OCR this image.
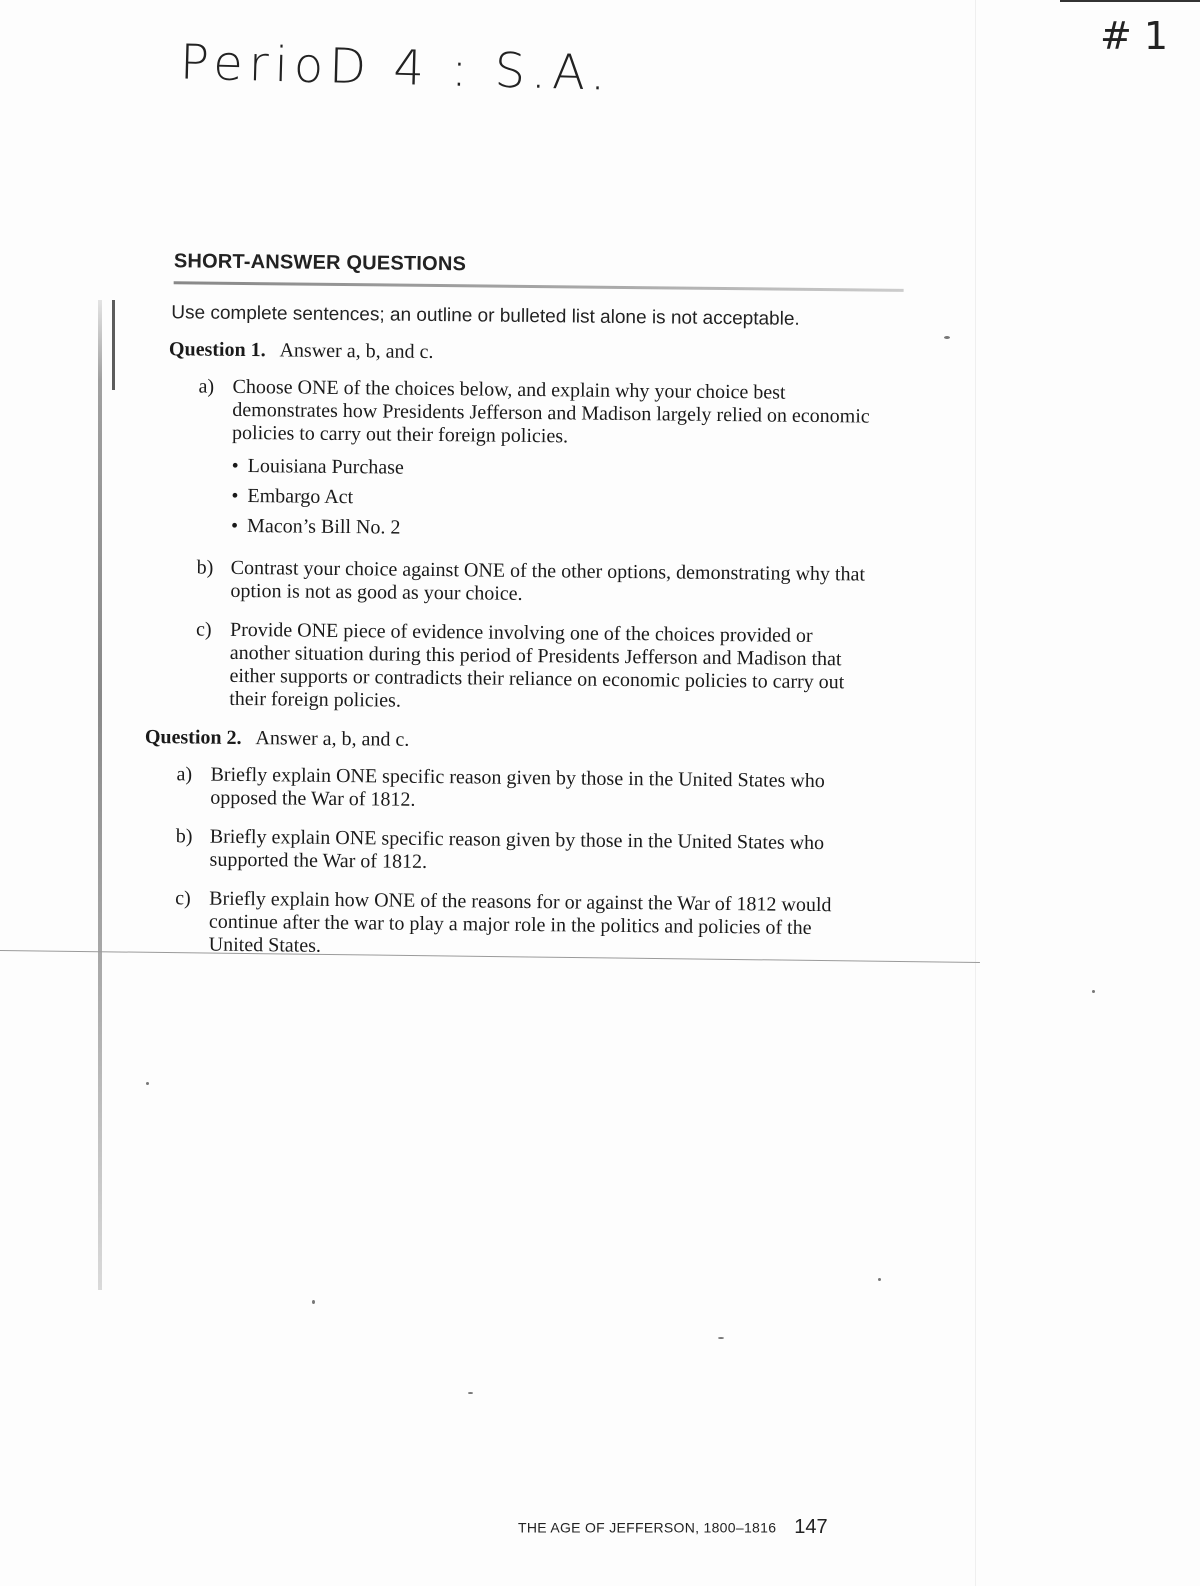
PerioD 4 : S.A.	# 1
SHORT-ANSWER QUESTIONS
Use complete sentences; an outline or bulleted list alone is not acceptable.
Question 1. Answer a, b, and c.
a) Choose ONE of the choices below, and explain why your choice best demonstrates how Presidents Jefferson and Madison largely relied on economic policies to carry out their foreign policies.
• Louisiana Purchase
• Embargo Act
• Macon’s Bill No. 2
b) Contrast your choice against ONE of the other options, demonstrating why that option is not as good as your choice.
c) Provide ONE piece of evidence involving one of the choices provided or another situation during this period of Presidents Jefferson and Madison that either supports or contradicts their reliance on economic policies to carry out their foreign policies.
Question 2. Answer a, b, and c.
a) Briefly explain ONE specific reason given by those in the United States who opposed the War of 1812.
b) Briefly explain ONE specific reason given by those in the United States who supported the War of 1812.
c) Briefly explain how ONE of the reasons for or against the War of 1812 would continue after the war to play a major role in the politics and policies of the United States.
THE AGE OF JEFFERSON, 1800–1816 147
